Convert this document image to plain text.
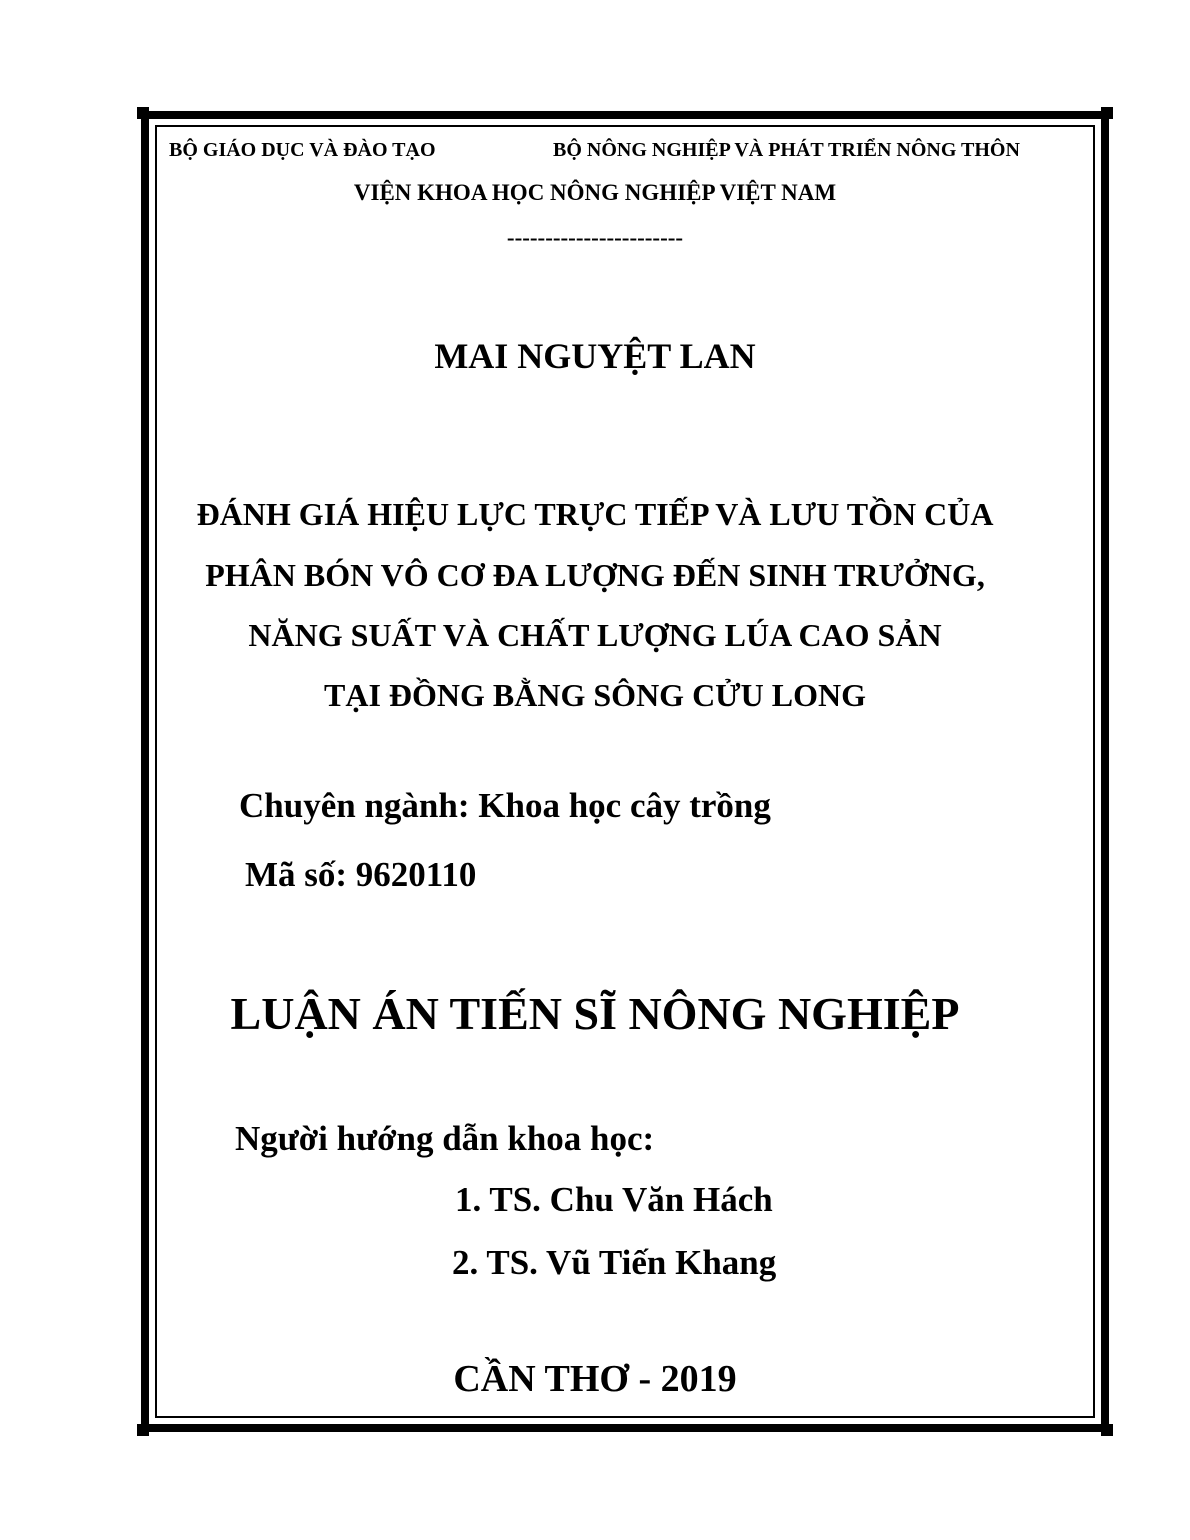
BỘ GIÁO DỤC VÀ ĐÀO TẠO	BỘ NÔNG NGHIỆP VÀ PHÁT TRIỂN NÔNG THÔN
VIỆN KHOA HỌC NÔNG NGHIỆP VIỆT NAM
-----------------------
MAI NGUYỆT LAN
ĐÁNH GIÁ HIỆU LỰC TRỰC TIẾP VÀ LƯU TỒN CỦA
PHÂN BÓN VÔ CƠ ĐA LƯỢNG ĐẾN SINH TRƯỞNG,
NĂNG SUẤT VÀ CHẤT LƯỢNG LÚA CAO SẢN
TẠI ĐỒNG BẰNG SÔNG CỬU LONG
Chuyên ngành: Khoa học cây trồng
Mã số: 9620110
LUẬN ÁN TIẾN SĨ NÔNG NGHIỆP
Người hướng dẫn khoa học:
1. TS. Chu Văn Hách
2. TS. Vũ Tiến Khang
CẦN THƠ - 2019
